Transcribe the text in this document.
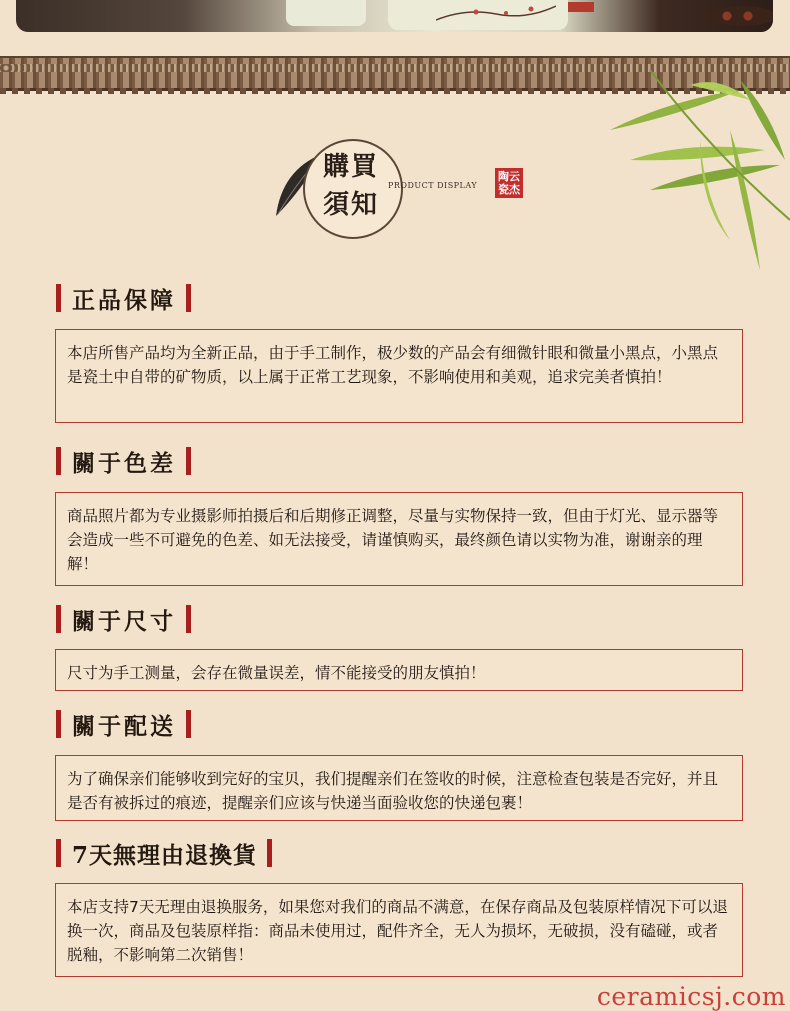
購買
須知
PRODUCT DISPLAY
陶云瓷杰
正品保障
本店所售产品均为全新正品，由于手工制作，极少数的产品会有细微针眼和微量小黑点，小黑点是瓷土中自带的矿物质，以上属于正常工艺现象，不影响使用和美观，追求完美者慎拍！
關于色差
商品照片都为专业摄影师拍摄后和后期修正调整，尽量与实物保持一致，但由于灯光、显示器等会造成一些不可避免的色差、如无法接受，请谨慎购买，最终颜色请以实物为准，谢谢亲的理解！
關于尺寸
尺寸为手工测量，会存在微量误差，情不能接受的朋友慎拍！
關于配送
为了确保亲们能够收到完好的宝贝，我们提醒亲们在签收的时候，注意检查包装是否完好，并且是否有被拆过的痕迹，提醒亲们应该与快递当面验收您的快递包裹！
7天無理由退換貨
本店支持7天无理由退换服务，如果您对我们的商品不满意，在保存商品及包装原样情况下可以退换一次，商品及包装原样指：商品未使用过，配件齐全，无人为损坏，无破损，没有磕碰，或者脱釉，不影响第二次销售！
ceramicsj.com
